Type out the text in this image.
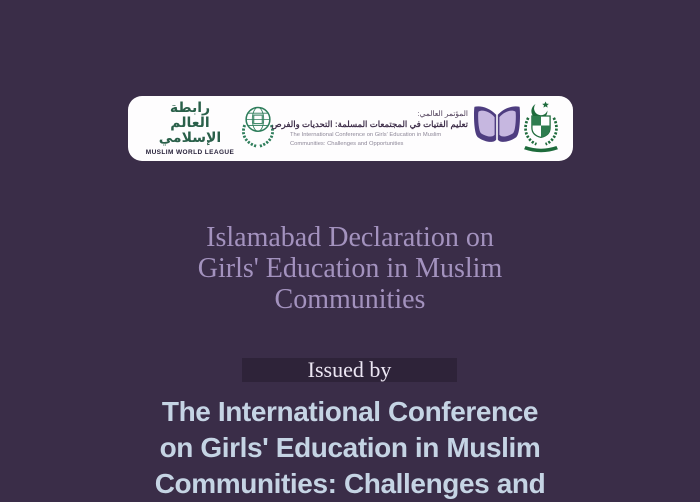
رابطة العالم الإسلامي
MUSLIM WORLD LEAGUE
المؤتمر العالمي:
تعليم الفتيات في المجتمعات المسلمة: التحديات والفرص
The International Conference on Girls' Education in Muslim Communities: Challenges and Opportunities
Islamabad Declaration on
Girls' Education in Muslim
Communities
Issued by
The International Conference
on Girls' Education in Muslim
Communities: Challenges and
